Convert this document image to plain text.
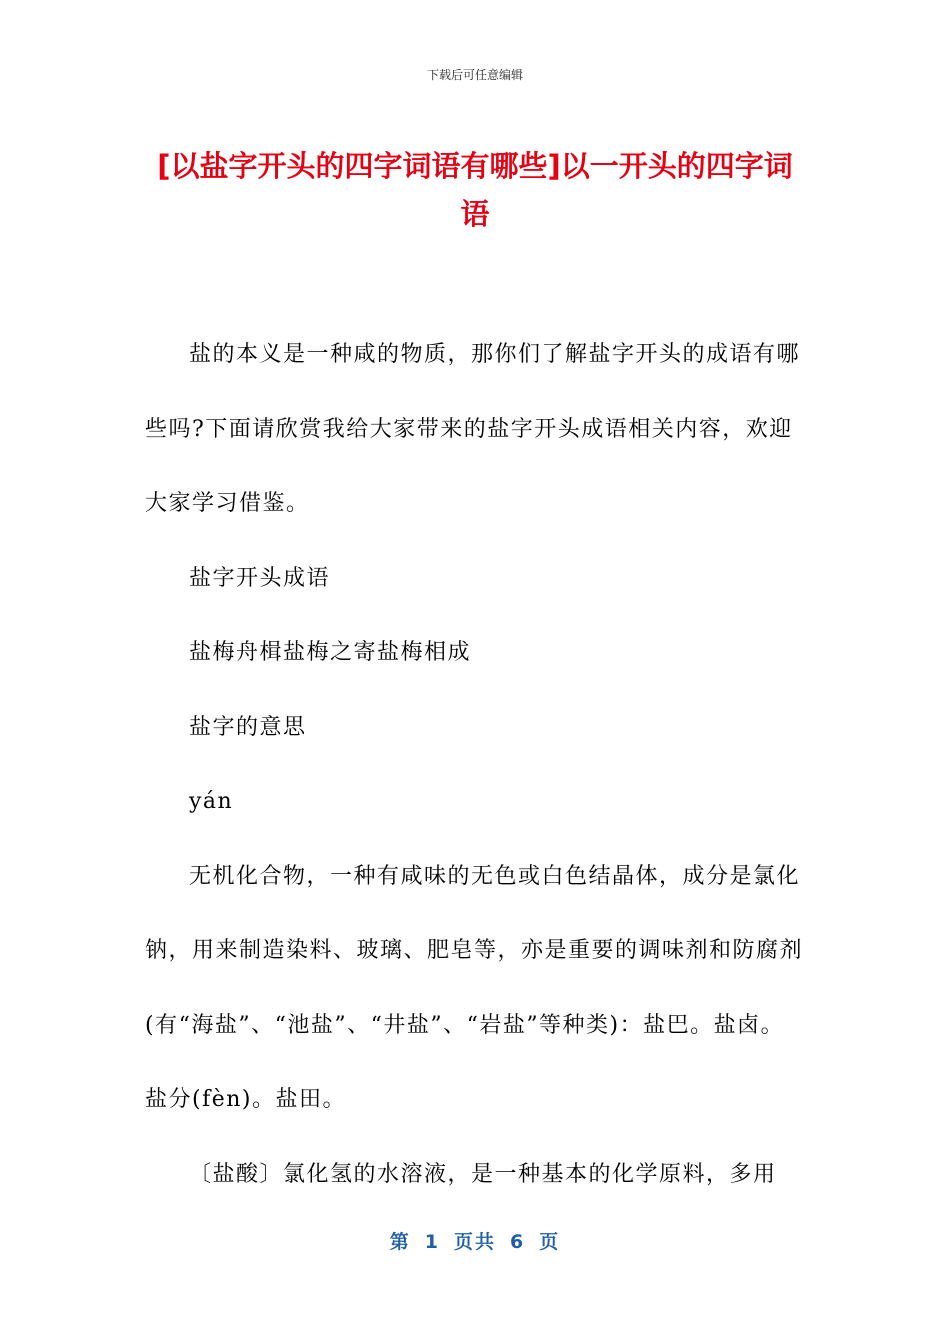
下载后可任意编辑
[以盐字开头的四字词语有哪些]以一开头的四字词语

盐的本义是一种咸的物质，那你们了解盐字开头的成语有哪些吗?下面请欣赏我给大家带来的盐字开头成语相关内容，欢迎大家学习借鉴。

盐字开头成语

盐梅舟楫盐梅之寄盐梅相成

盐字的意思

yán

无机化合物，一种有咸味的无色或白色结晶体，成分是氯化钠，用来制造染料、玻璃、肥皂等，亦是重要的调味剂和防腐剂(有“海盐”、“池盐”、“井盐”、“岩盐”等种类)：盐巴。盐卤。盐分(fèn)。盐田。

〔盐酸〕氯化氢的水溶液，是一种基本的化学原料，多用

第 1 页共 6 页
